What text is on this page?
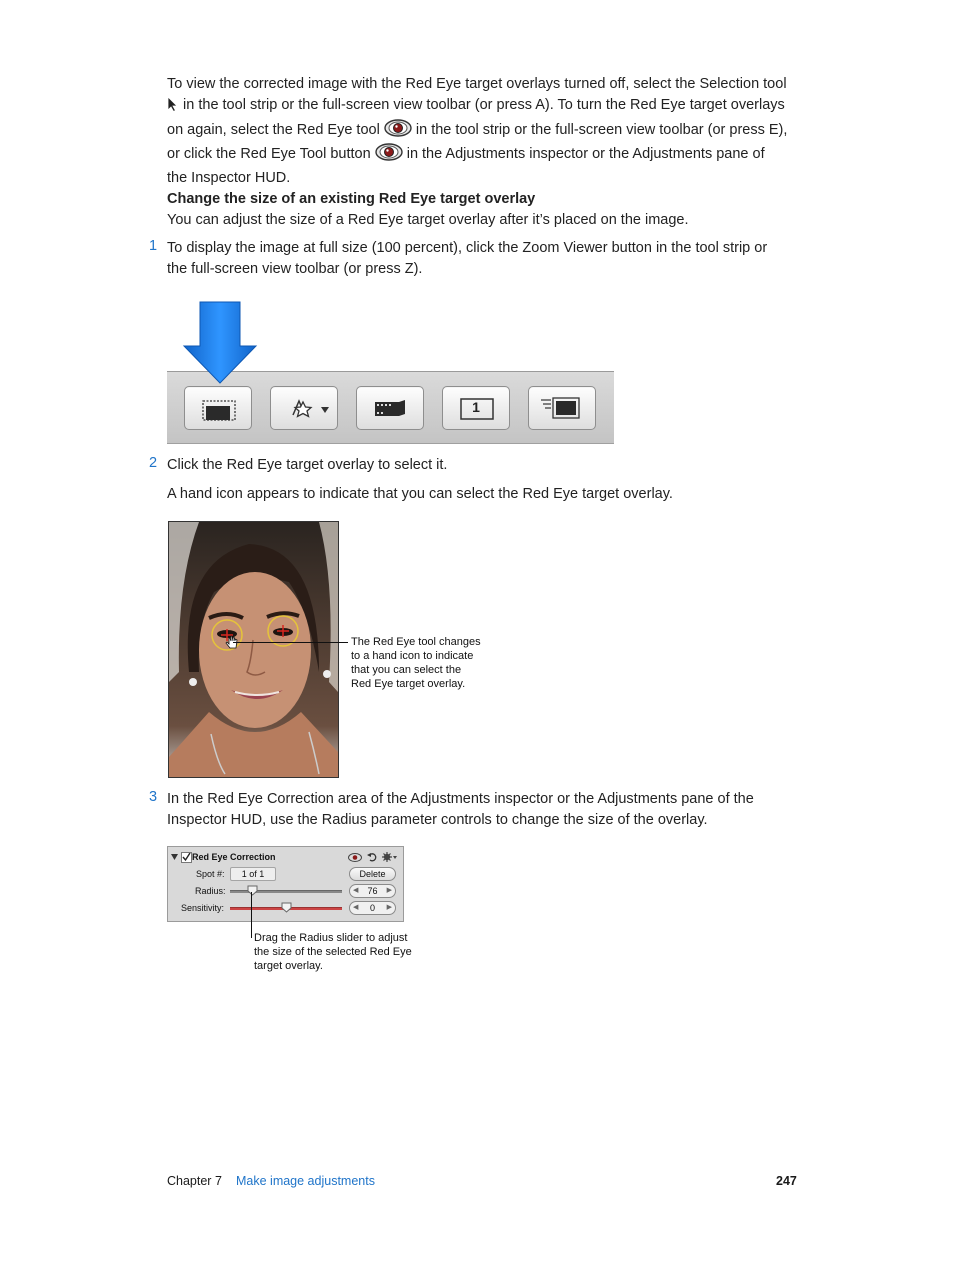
To view the corrected image with the Red Eye target overlays turned off, select the Selection tool
in the tool strip or the full-screen view toolbar (or press A). To turn the Red Eye target overlays
on again, select the Red Eye tool in the tool strip or the full-screen view toolbar (or press E),
or click the Red Eye Tool button in the Adjustments inspector or the Adjustments pane of
the Inspector HUD.
Change the size of an existing Red Eye target overlay
You can adjust the size of a Red Eye target overlay after it’s placed on the image.
1 To display the image at full size (100 percent), click the Zoom Viewer button in the tool strip or
the full-screen view toolbar (or press Z).
1
2 Click the Red Eye target overlay to select it.
A hand icon appears to indicate that you can select the Red Eye target overlay.
The Red Eye tool changes
to a hand icon to indicate
that you can select the
Red Eye target overlay.
3 In the Red Eye Correction area of the Adjustments inspector or the Adjustments pane of the
Inspector HUD, use the Radius parameter controls to change the size of the overlay.
Red Eye Correction
Spot #:	1 of 1	Delete
Radius:	◀ 76 ▶
Sensitivity:	◀ 0 ▶
Drag the Radius slider to adjust
the size of the selected Red Eye
target overlay.
Chapter 7 Make image adjustments	247
